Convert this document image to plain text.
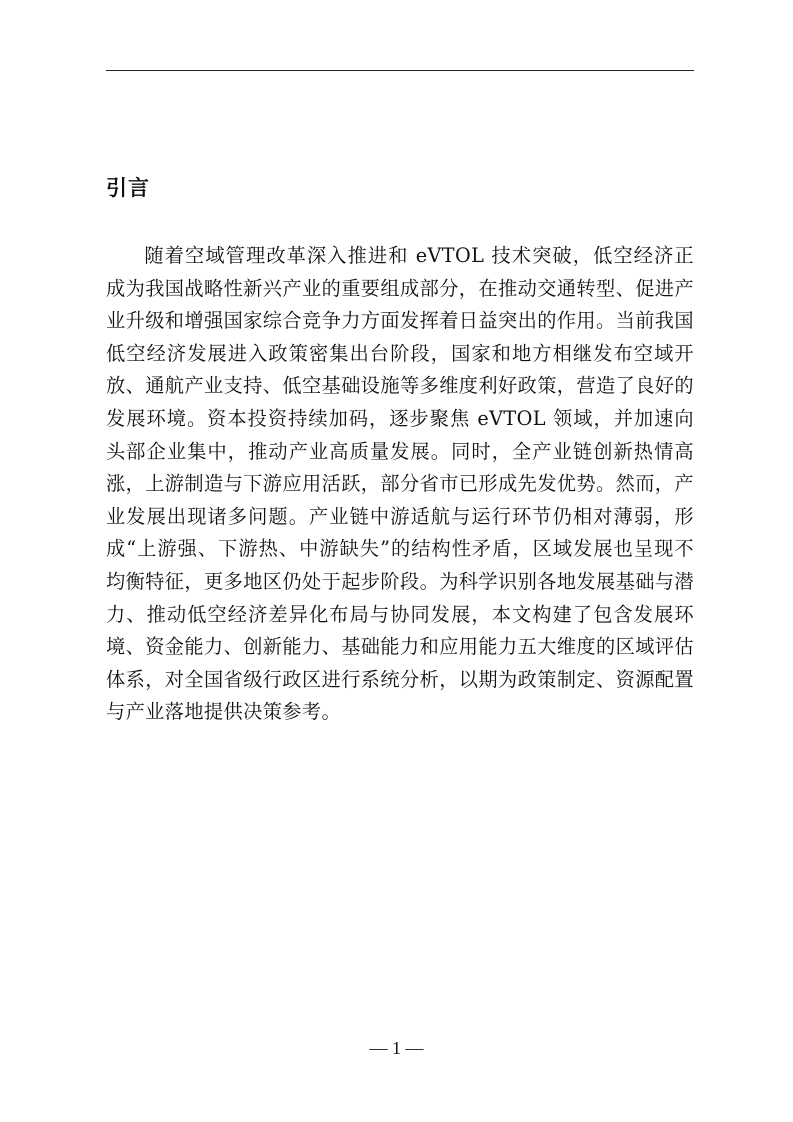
引言

随着空域管理改革深入推进和 eVTOL 技术突破，低空经济正成为我国战略性新兴产业的重要组成部分，在推动交通转型、促进产业升级和增强国家综合竞争力方面发挥着日益突出的作用。当前我国低空经济发展进入政策密集出台阶段，国家和地方相继发布空域开放、通航产业支持、低空基础设施等多维度利好政策，营造了良好的发展环境。资本投资持续加码，逐步聚焦 eVTOL 领域，并加速向头部企业集中，推动产业高质量发展。同时，全产业链创新热情高涨，上游制造与下游应用活跃，部分省市已形成先发优势。然而，产业发展出现诸多问题。产业链中游适航与运行环节仍相对薄弱，形成“上游强、下游热、中游缺失”的结构性矛盾，区域发展也呈现不均衡特征，更多地区仍处于起步阶段。为科学识别各地发展基础与潜力、推动低空经济差异化布局与协同发展，本文构建了包含发展环境、资金能力、创新能力、基础能力和应用能力五大维度的区域评估体系，对全国省级行政区进行系统分析，以期为政策制定、资源配置与产业落地提供决策参考。

— 1 —
